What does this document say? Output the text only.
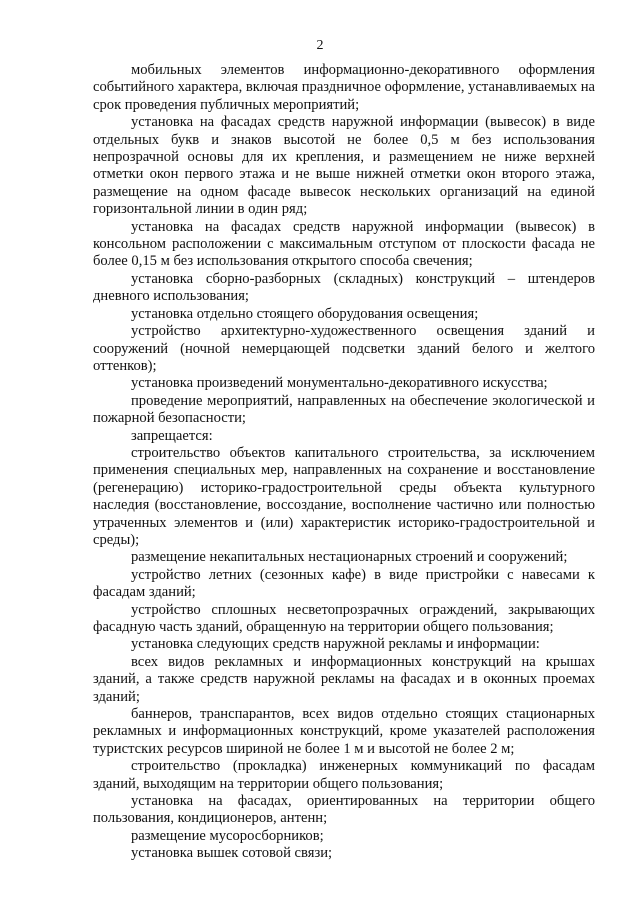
2

мобильных элементов информационно-декоративного оформления событийного характера, включая праздничное оформление, устанавливаемых на срок проведения публичных мероприятий;

установка на фасадах средств наружной информации (вывесок) в виде отдельных букв и знаков высотой не более 0,5 м без использования непрозрачной основы для их крепления, и размещением не ниже верхней отметки окон первого этажа и не выше нижней отметки окон второго этажа, размещение на одном фасаде вывесок нескольких организаций на единой горизонтальной линии в один ряд;

установка на фасадах средств наружной информации (вывесок) в консольном расположении с максимальным отступом от плоскости фасада не более 0,15 м без использования открытого способа свечения;

установка сборно-разборных (складных) конструкций – штендеров дневного использования;

установка отдельно стоящего оборудования освещения;

устройство архитектурно-художественного освещения зданий и сооружений (ночной немерцающей подсветки зданий белого и желтого оттенков);

установка произведений монументально-декоративного искусства;

проведение мероприятий, направленных на обеспечение экологической и пожарной безопасности;

запрещается:

строительство объектов капитального строительства, за исключением применения специальных мер, направленных на сохранение и восстановление (регенерацию) историко-градостроительной среды объекта культурного наследия (восстановление, воссоздание, восполнение частично или полностью утраченных элементов и (или) характеристик историко-градостроительной и среды);

размещение некапитальных нестационарных строений и сооружений;

устройство летних (сезонных кафе) в виде пристройки с навесами к фасадам зданий;

устройство сплошных несветопрозрачных ограждений, закрывающих фасадную часть зданий, обращенную на территории общего пользования;

установка следующих средств наружной рекламы и информации:

всех видов рекламных и информационных конструкций на крышах зданий, а также средств наружной рекламы на фасадах и в оконных проемах зданий;

баннеров, транспарантов, всех видов отдельно стоящих стационарных рекламных и информационных конструкций, кроме указателей расположения туристских ресурсов шириной не более 1 м и высотой не более 2 м;

строительство (прокладка) инженерных коммуникаций по фасадам зданий, выходящим на территории общего пользования;

установка на фасадах, ориентированных на территории общего пользования, кондиционеров, антенн;

размещение мусоросборников;

установка вышек сотовой связи;
